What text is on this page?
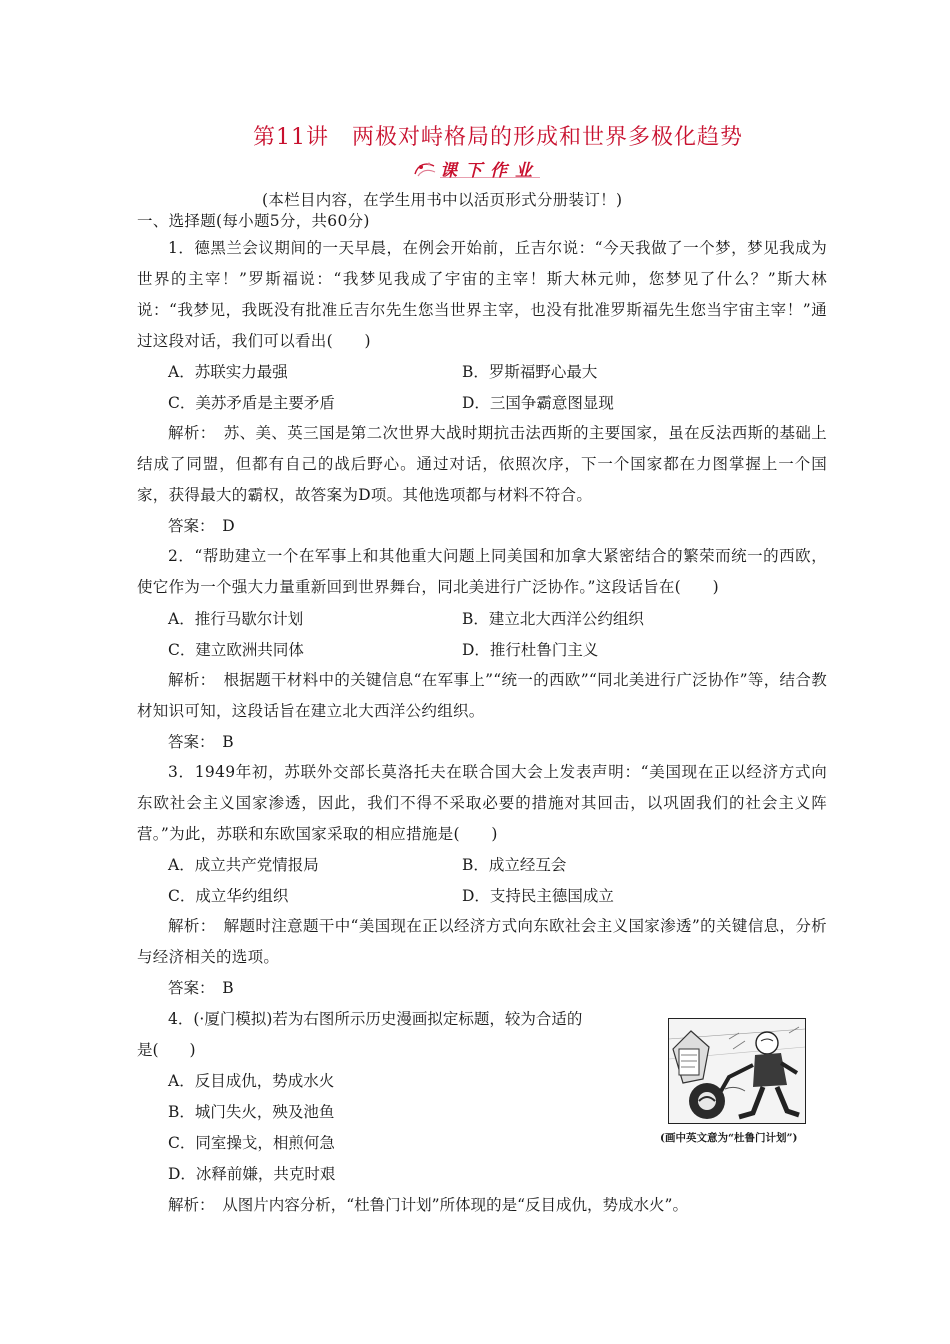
第11讲　两极对峙格局的形成和世界多极化趋势
课下作业
(本栏目内容，在学生用书中以活页形式分册装订！)
一、选择题(每小题5分，共60分)
1．德黑兰会议期间的一天早晨，在例会开始前，丘吉尔说：“今天我做了一个梦，梦见我成为世界的主宰！”罗斯福说：“我梦见我成了宇宙的主宰！斯大林元帅，您梦见了什么？”斯大林说：“我梦见，我既没有批准丘吉尔先生您当世界主宰，也没有批准罗斯福先生您当宇宙主宰！”通过这段对话，我们可以看出(　　)
A．苏联实力最强	B．罗斯福野心最大
C．美苏矛盾是主要矛盾	D．三国争霸意图显现
解析：　苏、美、英三国是第二次世界大战时期抗击法西斯的主要国家，虽在反法西斯的基础上结成了同盟，但都有自己的战后野心。通过对话，依照次序，下一个国家都在力图掌握上一个国家，获得最大的霸权，故答案为D项。其他选项都与材料不符合。
答案：　D
2．“帮助建立一个在军事上和其他重大问题上同美国和加拿大紧密结合的繁荣而统一的西欧，使它作为一个强大力量重新回到世界舞台，同北美进行广泛协作。”这段话旨在(　　)
A．推行马歇尔计划	B．建立北大西洋公约组织
C．建立欧洲共同体	D．推行杜鲁门主义
解析：　根据题干材料中的关键信息“在军事上”“统一的西欧”“同北美进行广泛协作”等，结合教材知识可知，这段话旨在建立北大西洋公约组织。
答案：　B
3．1949年初，苏联外交部长莫洛托夫在联合国大会上发表声明：“美国现在正以经济方式向东欧社会主义国家渗透，因此，我们不得不采取必要的措施对其回击，以巩固我们的社会主义阵营。”为此，苏联和东欧国家采取的相应措施是(　　)
A．成立共产党情报局	B．成立经互会
C．成立华约组织	D．支持民主德国成立
解析：　解题时注意题干中“美国现在正以经济方式向东欧社会主义国家渗透”的关键信息，分析与经济相关的选项。
答案：　B
4．(·厦门模拟)若为右图所示历史漫画拟定标题，较为合适的
是(　　)
A．反目成仇，势成水火
B．城门失火，殃及池鱼
C．同室操戈，相煎何急
D．冰释前嫌，共克时艰
解析：　从图片内容分析，“杜鲁门计划”所体现的是“反目成仇，势成水火”。
(画中英文意为“杜鲁门计划”)
